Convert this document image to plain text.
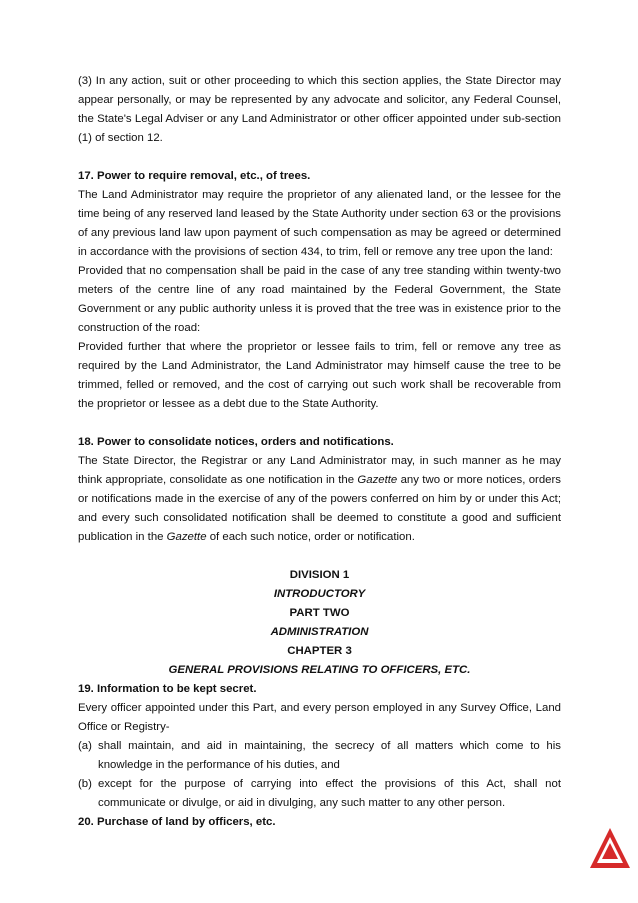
(3) In any action, suit or other proceeding to which this section applies, the State Director may appear personally, or may be represented by any advocate and solicitor, any Federal Counsel, the State's Legal Adviser or any Land Administrator or other officer appointed under sub-section (1) of section 12.

17. Power to require removal, etc., of trees.

The Land Administrator may require the proprietor of any alienated land, or the lessee for the time being of any reserved land leased by the State Authority under section 63 or the provisions of any previous land law upon payment of such compensation as may be agreed or determined in accordance with the provisions of section 434, to trim, fell or remove any tree upon the land:

Provided that no compensation shall be paid in the case of any tree standing within twenty-two meters of the centre line of any road maintained by the Federal Government, the State Government or any public authority unless it is proved that the tree was in existence prior to the construction of the road:

Provided further that where the proprietor or lessee fails to trim, fell or remove any tree as required by the Land Administrator, the Land Administrator may himself cause the tree to be trimmed, felled or removed, and the cost of carrying out such work shall be recoverable from the proprietor or lessee as a debt due to the State Authority.

18. Power to consolidate notices, orders and notifications.

The State Director, the Registrar or any Land Administrator may, in such manner as he may think appropriate, consolidate as one notification in the Gazette any two or more notices, orders or notifications made in the exercise of any of the powers conferred on him by or under this Act; and every such consolidated notification shall be deemed to constitute a good and sufficient publication in the Gazette of each such notice, order or notification.

DIVISION 1

INTRODUCTORY

PART TWO

ADMINISTRATION

CHAPTER 3

GENERAL PROVISIONS RELATING TO OFFICERS, ETC.

19. Information to be kept secret.

Every officer appointed under this Part, and every person employed in any Survey Office, Land Office or Registry-

(a) shall maintain, and aid in maintaining, the secrecy of all matters which come to his knowledge in the performance of his duties, and
(b) except for the purpose of carrying into effect the provisions of this Act, shall not communicate or divulge, or aid in divulging, any such matter to any other person.

20. Purchase of land by officers, etc.
